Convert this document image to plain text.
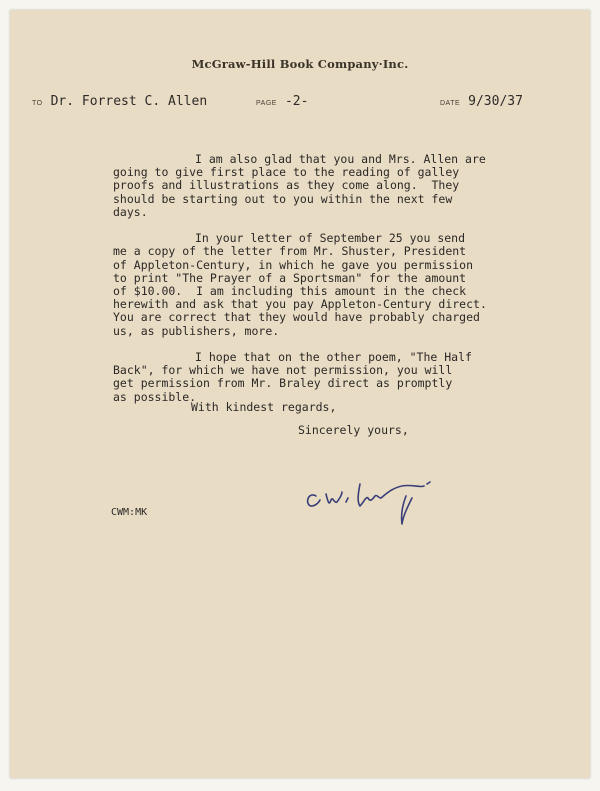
McGraw-Hill Book Company·Inc.
TO Dr. Forrest C. Allen	PAGE -2-	DATE 9/30/37

I am also glad that you and Mrs. Allen are
going to give first place to the reading of galley
proofs and illustrations as they come along.  They
should be starting out to you within the next few
days.

In your letter of September 25 you send
me a copy of the letter from Mr. Shuster, President
of Appleton-Century, in which he gave you permission
to print "The Prayer of a Sportsman" for the amount
of $10.00.  I am including this amount in the check
herewith and ask that you pay Appleton-Century direct.
You are correct that they would have probably charged
us, as publishers, more.

I hope that on the other poem, "The Half
Back", for which we have not permission, you will
get permission from Mr. Braley direct as promptly
as possible.

With kindest regards,
Sincerely yours,
CWM:MK
